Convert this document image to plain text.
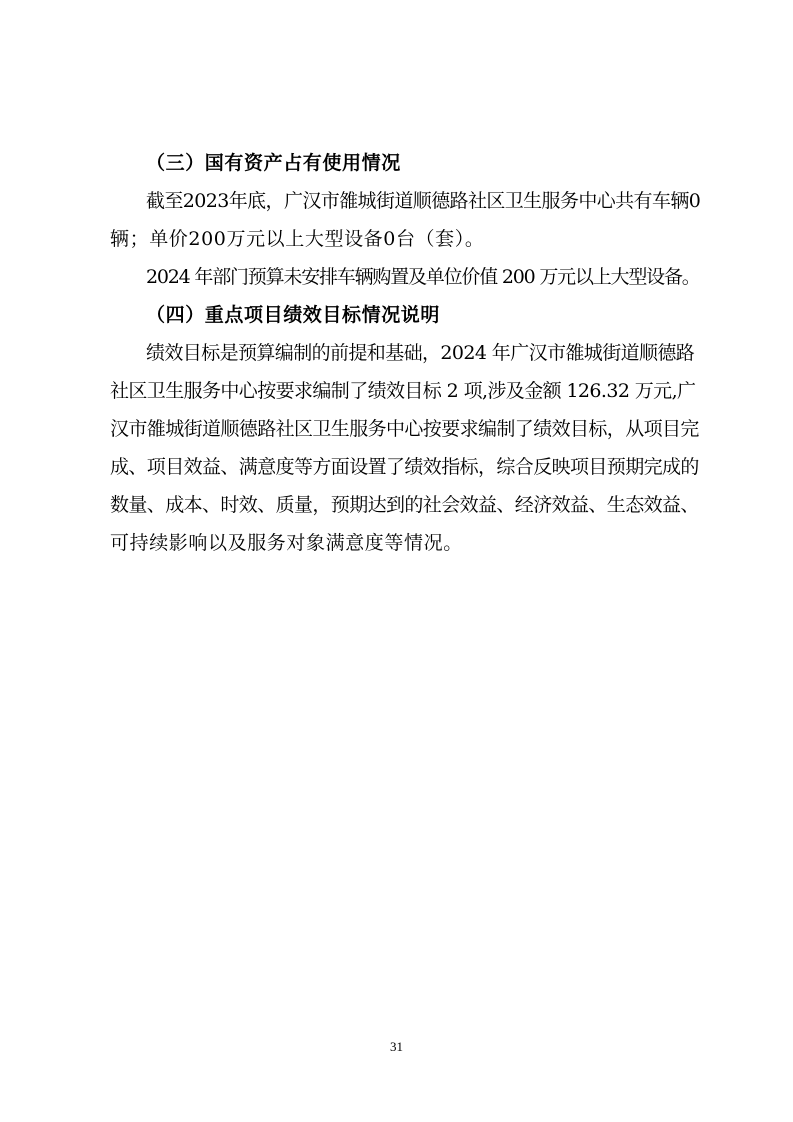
（三）国有资产占有使用情况
截至2023年底，广汉市雒城街道顺德路社区卫生服务中心共有车辆0
辆；单价200万元以上大型设备0台（套）。
2024 年部门预算未安排车辆购置及单位价值 200 万元以上大型设备。
（四）重点项目绩效目标情况说明
绩效目标是预算编制的前提和基础，2024 年广汉市雒城街道顺德路
社区卫生服务中心按要求编制了绩效目标 2 项,涉及金额 126.32 万元,广
汉市雒城街道顺德路社区卫生服务中心按要求编制了绩效目标，从项目完
成、项目效益、满意度等方面设置了绩效指标，综合反映项目预期完成的
数量、成本、时效、质量，预期达到的社会效益、经济效益、生态效益、
可持续影响以及服务对象满意度等情况。
31
